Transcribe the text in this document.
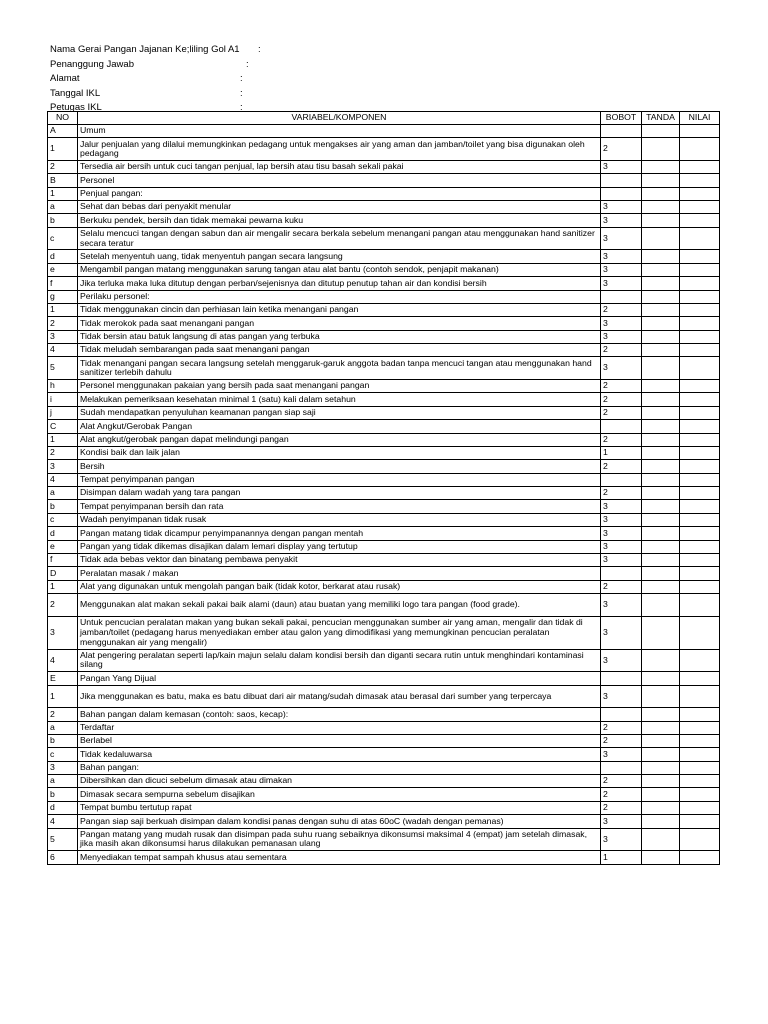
Nama Gerai Pangan Jajanan Ke;liling Gol A1 :
Penanggung Jawab	:
Alamat	:
Tanggal IKL	:
Petugas IKL	:
NO	VARIABEL/KOMPONEN	BOBOT	TANDA	NILAI
A	Umum			
1	Jalur penjualan yang dilalui memungkinkan pedagang untuk mengakses air yang aman dan jamban/toilet yang bisa digunakan oleh pedagang	2		
2	Tersedia air bersih untuk cuci tangan penjual, lap bersih atau tisu basah sekali pakai	3		
B	Personel			
1	Penjual pangan:			
a	Sehat dan bebas dari penyakit menular	3		
b	Berkuku pendek, bersih dan tidak memakai pewarna kuku	3		
c	Selalu mencuci tangan dengan sabun dan air mengalir secara berkala sebelum menangani pangan atau menggunakan hand sanitizer secara teratur	3		
d	Setelah menyentuh uang, tidak menyentuh pangan secara langsung	3		
e	Mengambil pangan matang menggunakan sarung tangan atau alat bantu (contoh sendok, penjapit makanan)	3		
f	Jika terluka maka luka ditutup dengan perban/sejenisnya dan ditutup penutup tahan air dan kondisi bersih	3		
g	Perilaku personel:			
1	Tidak menggunakan cincin dan perhiasan lain ketika menangani pangan	2		
2	Tidak merokok pada saat menangani pangan	3		
3	Tidak bersin atau batuk langsung di atas pangan yang terbuka	3		
4	Tidak meludah sembarangan pada saat menangani pangan	2		
5	Tidak menangani pangan secara langsung setelah menggaruk-garuk anggota badan tanpa mencuci tangan atau menggunakan hand sanitizer terlebih dahulu	3		
h	Personel menggunakan pakaian yang bersih pada saat menangani pangan	2		
i	Melakukan pemeriksaan kesehatan minimal 1 (satu) kali dalam setahun	2		
j	Sudah mendapatkan penyuluhan keamanan pangan siap saji	2		
C	Alat Angkut/Gerobak Pangan			
1	Alat angkut/gerobak pangan dapat melindungi pangan	2		
2	Kondisi baik dan laik jalan	1		
3	Bersih	2		
4	Tempat penyimpanan pangan			
a	Disimpan dalam wadah yang tara pangan	2		
b	Tempat penyimpanan bersih dan rata	3		
c	Wadah penyimpanan tidak rusak	3		
d	Pangan matang tidak dicampur penyimpanannya dengan pangan mentah	3		
e	Pangan yang tidak dikemas disajikan dalam lemari display yang tertutup	3		
f	Tidak ada bebas vektor dan binatang pembawa penyakit	3		
D	Peralatan masak / makan			
1	Alat yang digunakan untuk mengolah pangan baik (tidak kotor, berkarat atau rusak)	2		
2	Menggunakan alat makan sekali pakai baik alami (daun) atau buatan yang memiliki logo tara pangan (food grade).	3		
3	Untuk pencucian peralatan makan yang bukan sekali pakai, pencucian menggunakan sumber air yang aman, mengalir dan tidak di jamban/toilet (pedagang harus menyediakan ember atau galon yang dimodifikasi yang memungkinan pencucian peralatan menggunakan air yang mengalir)	3		
4	Alat pengering peralatan seperti lap/kain majun selalu dalam kondisi bersih dan diganti secara rutin untuk menghindari kontaminasi silang	3		
E	Pangan Yang Dijual			
1	Jika menggunakan es batu, maka es batu dibuat dari air matang/sudah dimasak atau berasal dari sumber yang terpercaya	3		
2	Bahan pangan dalam kemasan (contoh: saos, kecap):			
a	Terdaftar	2		
b	Berlabel	2		
c	Tidak kedaluwarsa	3		
3	Bahan pangan:			
a	Dibersihkan dan dicuci sebelum dimasak atau dimakan	2		
b	Dimasak secara sempurna sebelum disajikan	2		
d	Tempat bumbu tertutup rapat	2		
4	Pangan siap saji berkuah disimpan dalam kondisi panas dengan suhu di atas 60oC (wadah dengan pemanas)	3		
5	Pangan matang yang mudah rusak dan disimpan pada suhu ruang sebaiknya dikonsumsi maksimal 4 (empat) jam setelah dimasak, jika masih akan dikonsumsi harus dilakukan pemanasan ulang	3		
6	Menyediakan tempat sampah khusus atau sementara	1		
